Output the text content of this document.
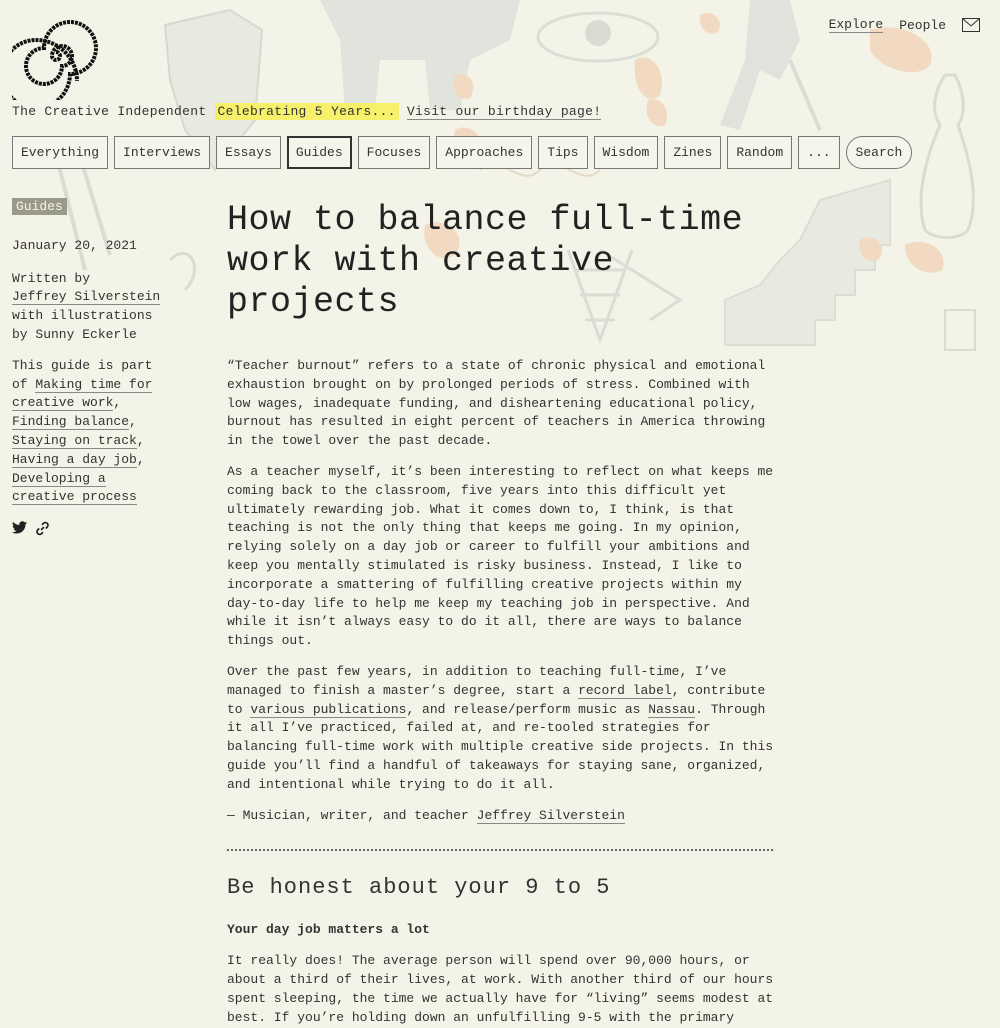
Explore People
The Creative Independent Celebrating 5 Years... Visit our birthday page!
Everything	Interviews	Essays	Guides	Focuses	Approaches	Tips	Wisdom	Zines	Random	...	Search
Guides
January 20, 2021
Written by
Jeffrey Silverstein
with illustrations
by Sunny Eckerle
This guide is part of Making time for creative work, Finding balance, Staying on track, Having a day job, Developing a creative process
How to balance full-time work with creative projects

“Teacher burnout” refers to a state of chronic physical and emotional exhaustion brought on by prolonged periods of stress. Combined with low wages, inadequate funding, and disheartening educational policy, burnout has resulted in eight percent of teachers in America throwing in the towel over the past decade.

As a teacher myself, it’s been interesting to reflect on what keeps me coming back to the classroom, five years into this difficult yet ultimately rewarding job. What it comes down to, I think, is that teaching is not the only thing that keeps me going. In my opinion, relying solely on a day job or career to fulfill your ambitions and keep you mentally stimulated is risky business. Instead, I like to incorporate a smattering of fulfilling creative projects within my day-to-day life to help me keep my teaching job in perspective. And while it isn’t always easy to do it all, there are ways to balance things out.

Over the past few years, in addition to teaching full-time, I’ve managed to finish a master’s degree, start a record label, contribute to various publications, and release/perform music as Nassau. Through it all I’ve practiced, failed at, and re-tooled strategies for balancing full-time work with multiple creative side projects. In this guide you’ll find a handful of takeaways for staying sane, organized, and intentional while trying to do it all.

— Musician, writer, and teacher Jeffrey Silverstein

Be honest about your 9 to 5
Your day job matters a lot

It really does! The average person will spend over 90,000 hours, or about a third of their lives, at work. With another third of our hours spent sleeping, the time we actually have for “living” seems modest at best. If you’re holding down an unfulfilling 9-5 with the primary
